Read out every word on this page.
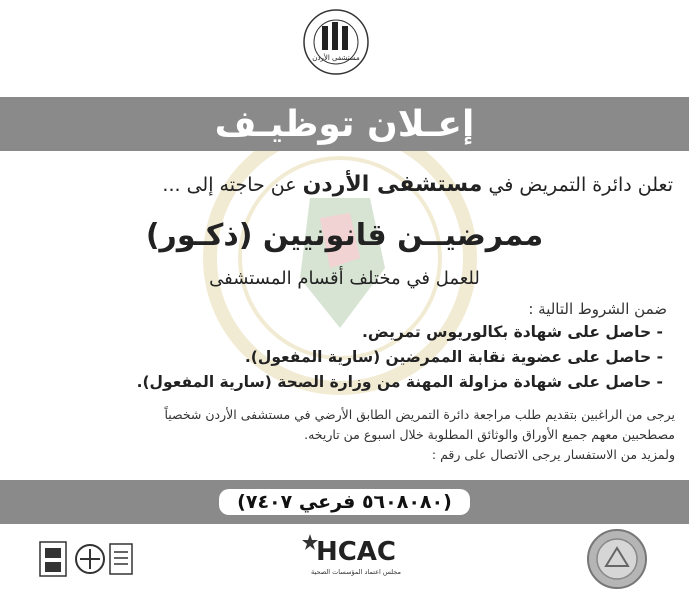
مستشفى الأردن
إعـلان توظيـف

تعلن دائرة التمريض في مستشفى الأردن عن حاجته إلى ...

ممرضيــن قانونيين (ذكـور)

للعمل في مختلف أقسام المستشفى

ضمن الشروط التالية :

- حاصل على شهادة بكالوريوس تمريض.
- حاصل على عضوية نقابة الممرضين (سارية المفعول).
- حاصل على شهادة مزاولة المهنة من وزارة الصحة (سارية المفعول).
يرجى من الراغبين بتقديم طلب مراجعة دائرة التمريض الطابق الأرضي في مستشفى الأردن شخصياً
مصطحبين معهم جميع الأوراق والوثائق المطلوبة خلال اسبوع من تاريخه.
ولمزيد من الاستفسار يرجى الاتصال على رقم :
(٥٦٠٨٠٨٠ فرعي ٧٤٠٧)
HCAC
مجلس اعتماد المؤسسات الصحية
